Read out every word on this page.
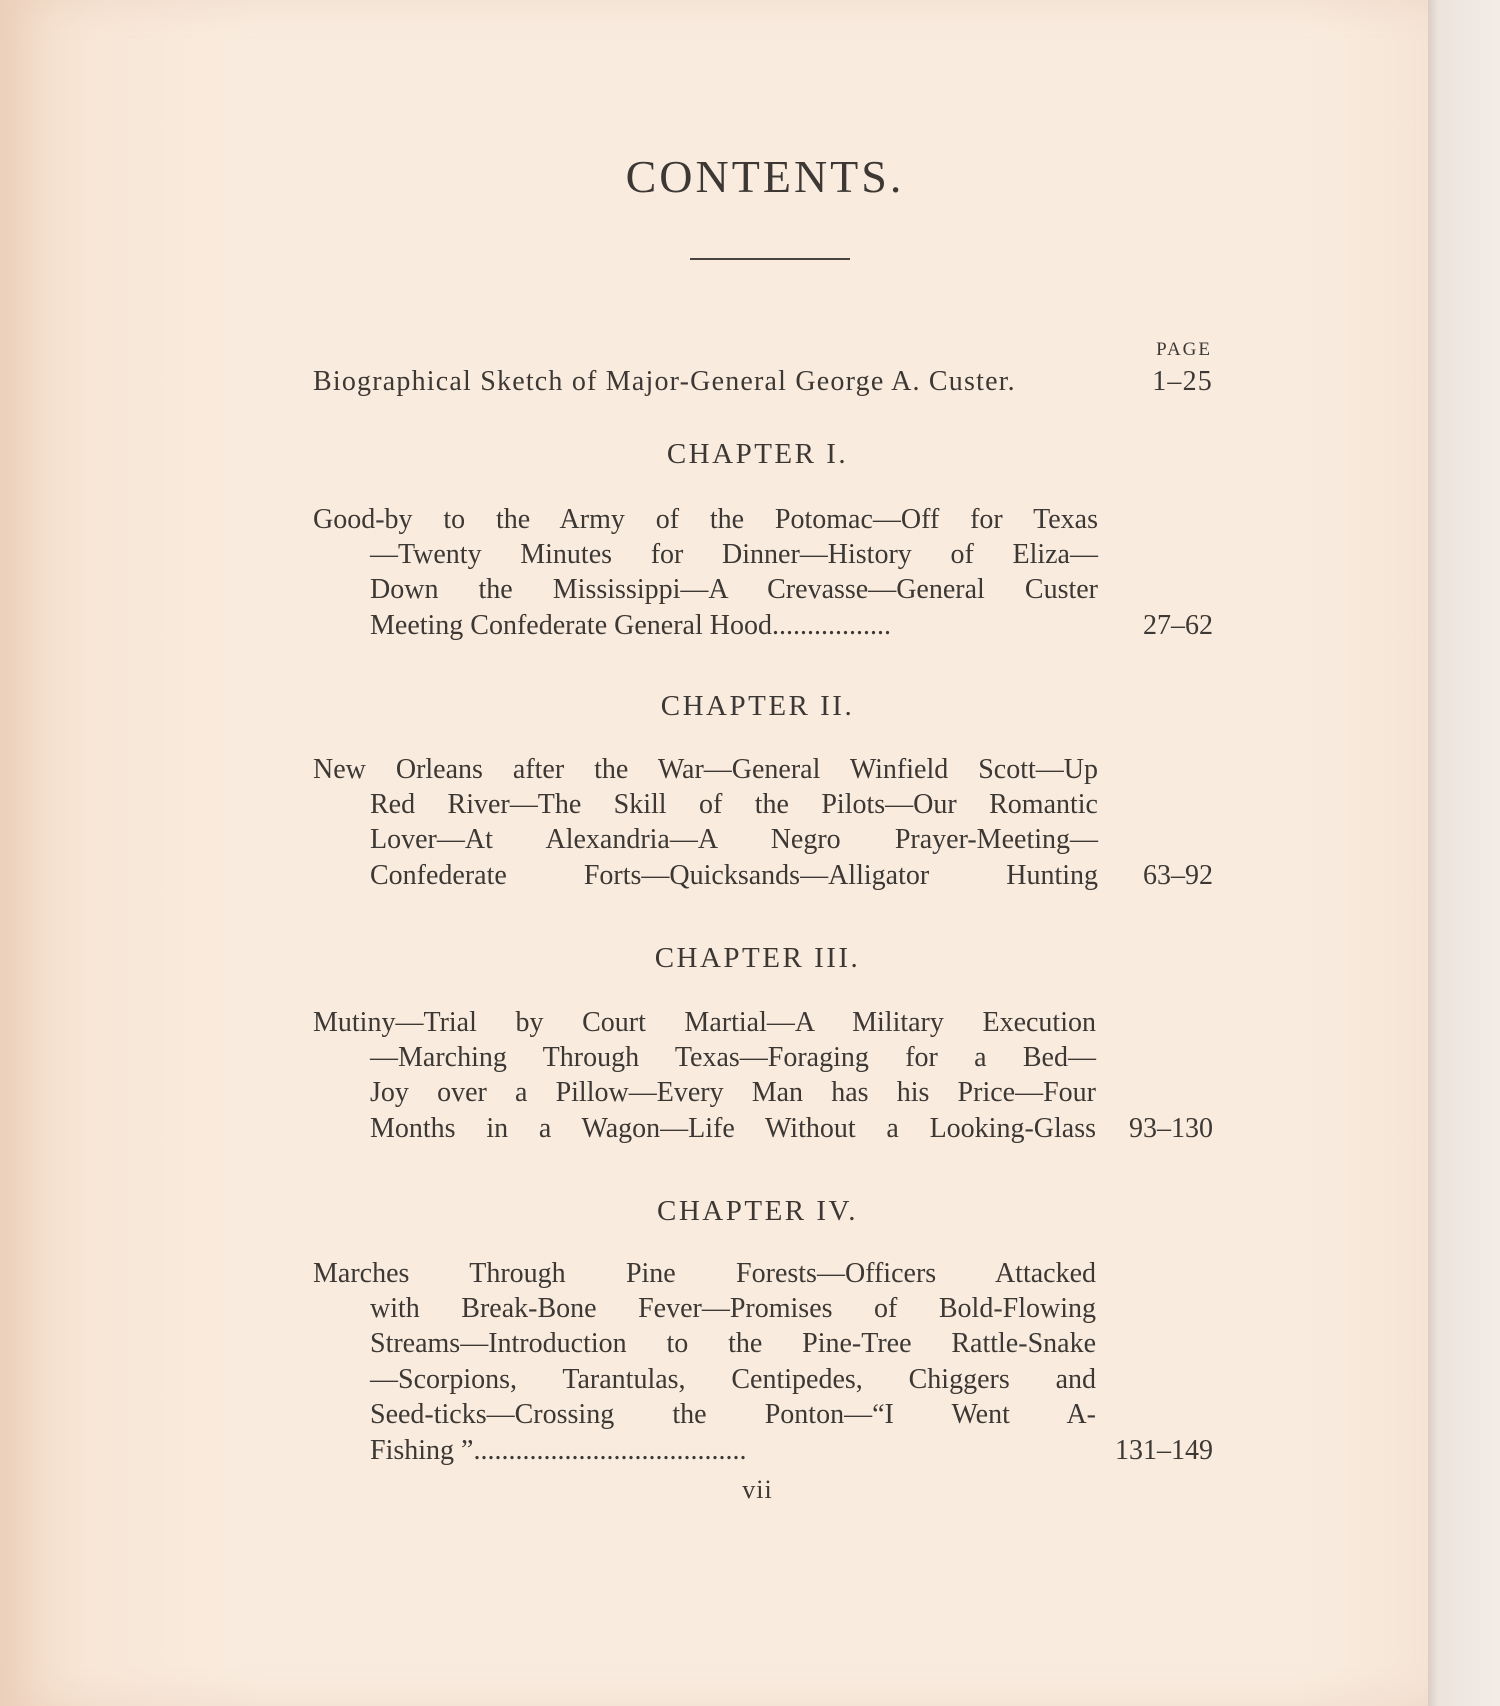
CONTENTS.
PAGE
Biographical Sketch of Major-General George A. Custer.	1–25
CHAPTER I.
Good-by to the Army of the Potomac—Off for Texas
—Twenty Minutes for Dinner—History of Eliza—
Down the Mississippi—A Crevasse—General Custer
Meeting Confederate General Hood.................	27–62
CHAPTER II.
New Orleans after the War—General Winfield Scott—Up
Red River—The Skill of the Pilots—Our Romantic
Lover—At Alexandria—A Negro Prayer-Meeting—
Confederate Forts—Quicksands—Alligator Hunting 63–92
CHAPTER III.
Mutiny—Trial by Court Martial—A Military Execution
—Marching Through Texas—Foraging for a Bed—
Joy over a Pillow—Every Man has his Price—Four
Months in a Wagon—Life Without a Looking-Glass 93–130
CHAPTER IV.
Marches Through Pine Forests—Officers Attacked
with Break-Bone Fever—Promises of Bold-Flowing
Streams—Introduction to the Pine-Tree Rattle-Snake
—Scorpions, Tarantulas, Centipedes, Chiggers and
Seed-ticks—Crossing the Ponton—“I Went A-
Fishing ”.......................................	131–149
vii
